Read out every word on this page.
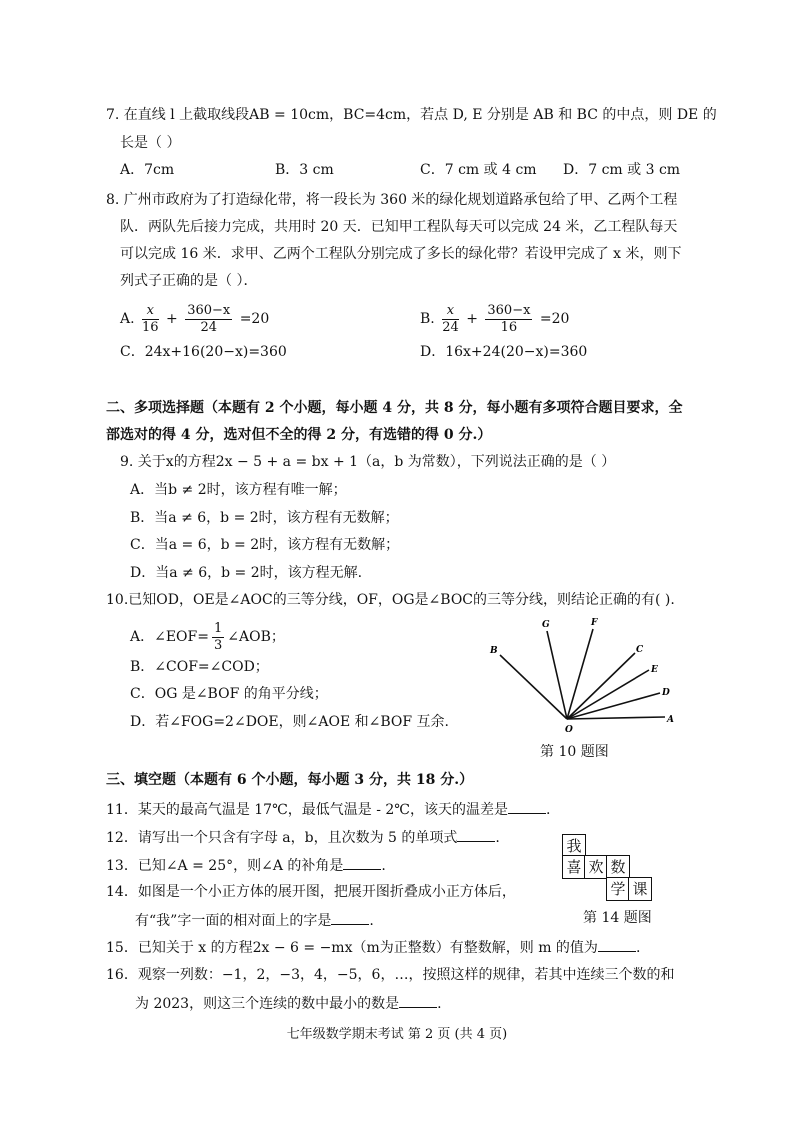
7. 在直线 l 上截取线段AB = 10cm，BC=4cm，若点 D, E 分别是 AB 和 BC 的中点，则 DE 的
长是（ ）
A．7cm	B．3 cm	C．7 cm 或 4 cm D．7 cm 或 3 cm
8. 广州市政府为了打造绿化带，将一段长为 360 米的绿化规划道路承包给了甲、乙两个工程
队．两队先后接力完成，共用时 20 天．已知甲工程队每天可以完成 24 米，乙工程队每天
可以完成 16 米．求甲、乙两个工程队分别完成了多长的绿化带？若设甲完成了 x 米，则下
列式子正确的是（ ）．
A. $\frac{x}{16} + \frac{360-x}{24} =20$	B. $\frac{x}{24} + \frac{360-x}{16} =20$
C．24x+16(20−x)=360	D．16x+24(20−x)=360
二、多项选择题（本题有 2 个小题，每小题 4 分，共 8 分，每小题有多项符合题目要求，全
部选对的得 4 分，选对但不全的得 2 分，有选错的得 0 分.）
9. 关于x的方程2x − 5 + a = bx + 1（a，b 为常数），下列说法正确的是（ ）
A．当b ≠ 2时，该方程有唯一解；
B．当a ≠ 6，b = 2时，该方程有无数解；
C．当a = 6，b = 2时，该方程有无数解；
D．当a ≠ 6，b = 2时，该方程无解.
10.已知OD，OE是∠AOC的三等分线，OF，OG是∠BOC的三等分线，则结论正确的有( ).
A．∠EOF= $\frac{1}{3}$ ∠AOB；
B．∠COF=∠COD；
C．OG 是∠BOF 的角平分线；
D．若∠FOG=2∠DOE，则∠AOE 和∠BOF 互余.	O
A
D
E
C
F
G
B
第 10 题图
三、填空题（本题有 6 个小题，每小题 3 分，共 18 分.）
11．某天的最高气温是 17℃，最低气温是 - 2℃，该天的温差是	.
12．请写出一个只含有字母 a，b，且次数为 5 的单项式	.
13．已知∠A = 25°，则∠A 的补角是	.
14．如图是一个小正方体的展开图，把展开图折叠成小正方体后，
有“我”字一面的相对面上的字是	.
我
喜 欢 数
学 课
第 14 题图
15．已知关于 x 的方程2x − 6 = −mx（m为正整数）有整数解，则 m 的值为	.
16．观察一列数：−1，2，−3，4，−5，6，…，按照这样的规律，若其中连续三个数的和
为 2023，则这三个连续的数中最小的数是	.
七年级数学期末考试 第 2 页 (共 4 页)
